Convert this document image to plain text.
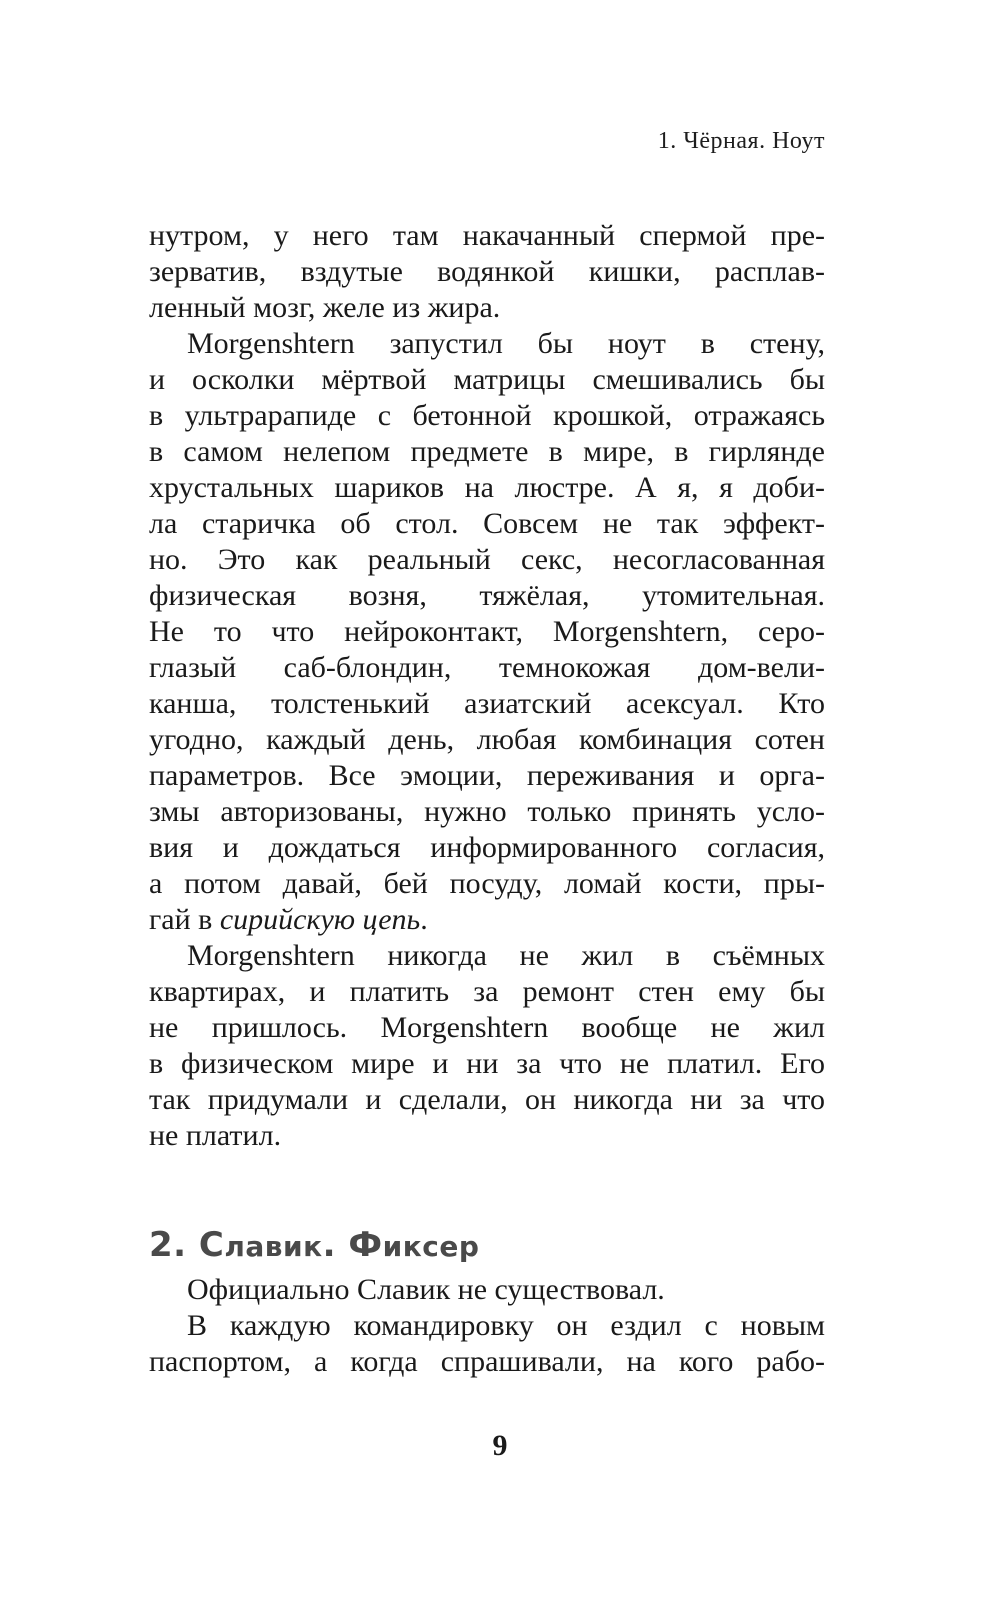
1. Чёрная. Ноут
нутром, у него там накачанный спермой пре-
зерватив, вздутые водянкой кишки, расплав-
ленный мозг, желе из жира.
Morgenshtern запустил бы ноут в стену,
и осколки мёртвой матрицы смешивались бы
в ультрарапиде с бетонной крошкой, отражаясь
в самом нелепом предмете в мире, в гирлянде
хрустальных шариков на люстре. А я, я доби-
ла старичка об стол. Совсем не так эффект-
но. Это как реальный секс, несогласованная
физическая возня, тяжёлая, утомительная.
Не то что нейроконтакт, Morgenshtern, серо-
глазый саб-блондин, темнокожая дом-вели-
канша, толстенький азиатский асексуал. Кто
угодно, каждый день, любая комбинация сотен
параметров. Все эмоции, переживания и орга-
змы авторизованы, нужно только принять усло-
вия и дождаться информированного согласия,
а потом давай, бей посуду, ломай кости, пры-
гай в сирийскую цепь.
Morgenshtern никогда не жил в съёмных
квартирах, и платить за ремонт стен ему бы
не пришлось. Morgenshtern вообще не жил
в физическом мире и ни за что не платил. Его
так придумали и сделали, он никогда ни за что
не платил.
2. Славик. Фиксер
Официально Славик не существовал.
В каждую командировку он ездил с новым
паспортом, а когда спрашивали, на кого рабо-
9
